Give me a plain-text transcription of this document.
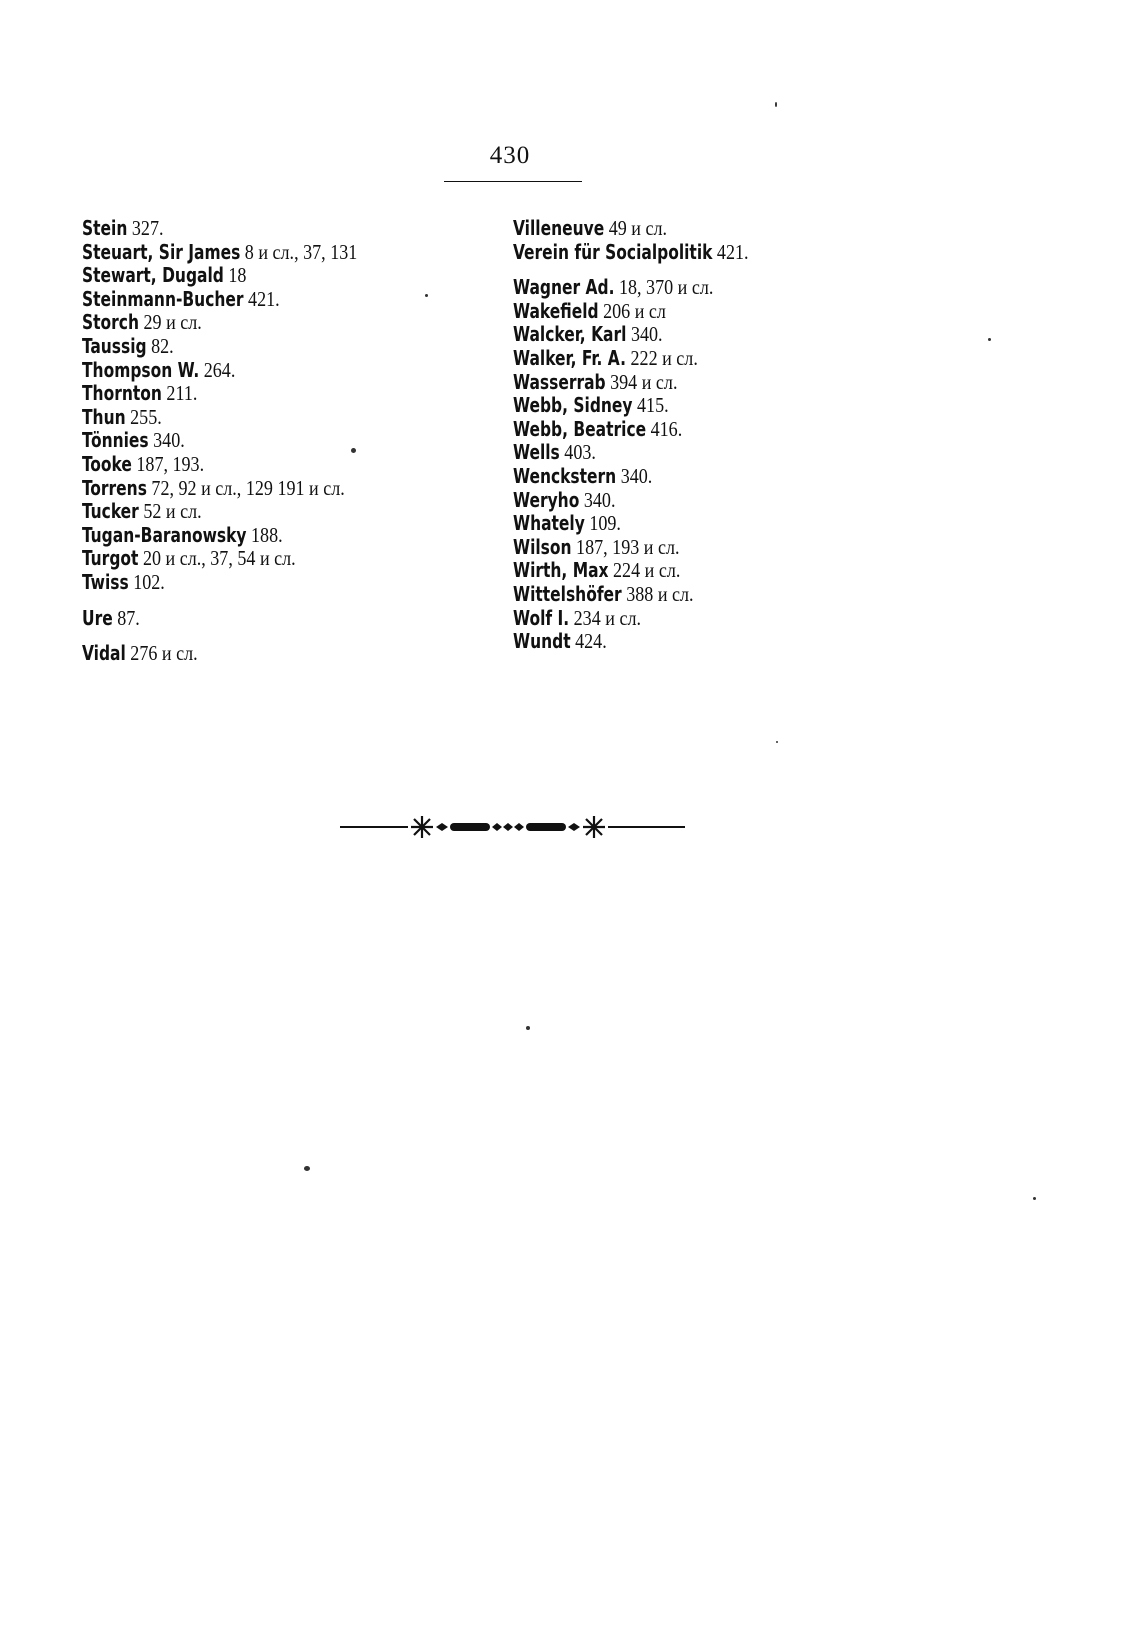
430
Stein 327.
Steuart, Sir James 8 и сл., 37, 131
Stewart, Dugald 18
Steinmann-Bucher 421.
Storch 29 и сл.
Taussig 82.
Thompson W. 264.
Thornton 211.
Thun 255.
Tönnies 340.
Tooke 187, 193.
Torrens 72, 92 и сл., 129 191 и сл.
Tucker 52 и сл.
Tugan-Baranowsky 188.
Turgot 20 и сл., 37, 54 и сл.
Twiss 102.
Ure 87.
Vidal 276 и сл.
Villeneuve 49 и сл.
Verein für Socialpolitik 421.
Wagner Ad. 18, 370 и сл.
Wakefield 206 и сл
Walcker, Karl 340.
Walker, Fr. A. 222 и сл.
Wasserrab 394 и сл.
Webb, Sidney 415.
Webb, Beatrice 416.
Wells 403.
Wenckstern 340.
Weryho 340.
Whately 109.
Wilson 187, 193 и сл.
Wirth, Max 224 и сл.
Wittelshöfer 388 и сл.
Wolf I. 234 и сл.
Wundt 424.
